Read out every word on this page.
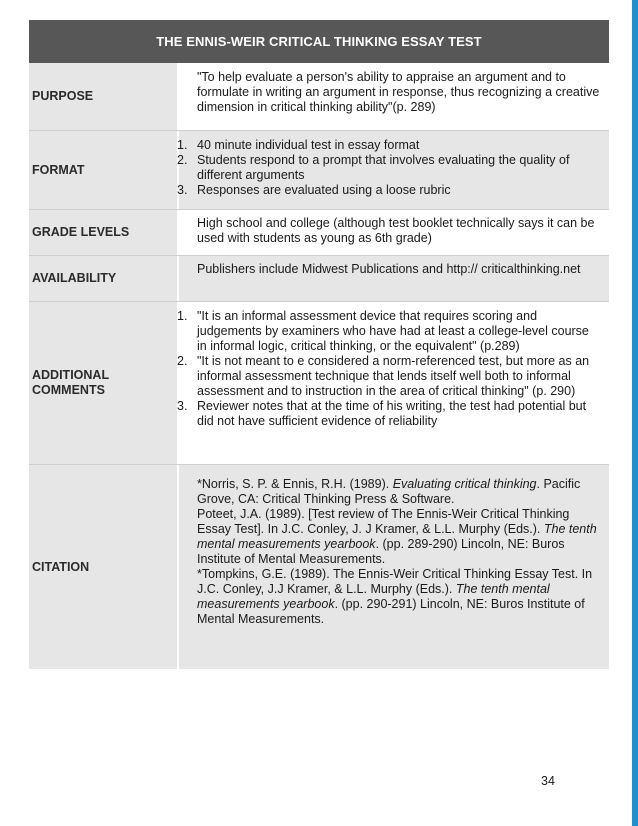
THE ENNIS-WEIR CRITICAL THINKING ESSAY TEST
PURPOSE
"To help evaluate a person's ability to appraise an argument and to formulate in writing an argument in response, thus recognizing a creative dimension in critical thinking ability"(p. 289)
FORMAT
1. 40 minute individual test in essay format
2. Students respond to a prompt that involves evaluating the quality of different arguments
3. Responses are evaluated using a loose rubric
GRADE LEVELS
High school and college (although test booklet technically says it can be used with students as young as 6th grade)
AVAILABILITY
Publishers include Midwest Publications and http:// criticalthinking.net
ADDITIONAL COMMENTS
1. "It is an informal assessment device that requires scoring and judgements by examiners who have had at least a college-level course in informal logic, critical thinking, or the equivalent" (p.289)
2. "It is not meant to e considered a norm-referenced test, but more as an informal assessment technique that lends itself well both to informal assessment and to instruction in the area of critical thinking" (p. 290)
3. Reviewer notes that at the time of his writing, the test had potential but did not have sufficient evidence of reliability
CITATION

*Norris, S. P. & Ennis, R.H. (1989). Evaluating critical thinking. Pacific Grove, CA: Critical Thinking Press & Software.

Poteet, J.A. (1989). [Test review of The Ennis-Weir Critical Thinking Essay Test]. In J.C. Conley, J. J Kramer, & L.L. Murphy (Eds.). The tenth mental measurements yearbook. (pp. 289-290) Lincoln, NE: Buros Institute of Mental Measurements.

*Tompkins, G.E. (1989). The Ennis-Weir Critical Thinking Essay Test. In J.C. Conley, J.J Kramer, & L.L. Murphy (Eds.). The tenth mental measurements yearbook. (pp. 290-291) Lincoln, NE: Buros Institute of Mental Measurements.

34
